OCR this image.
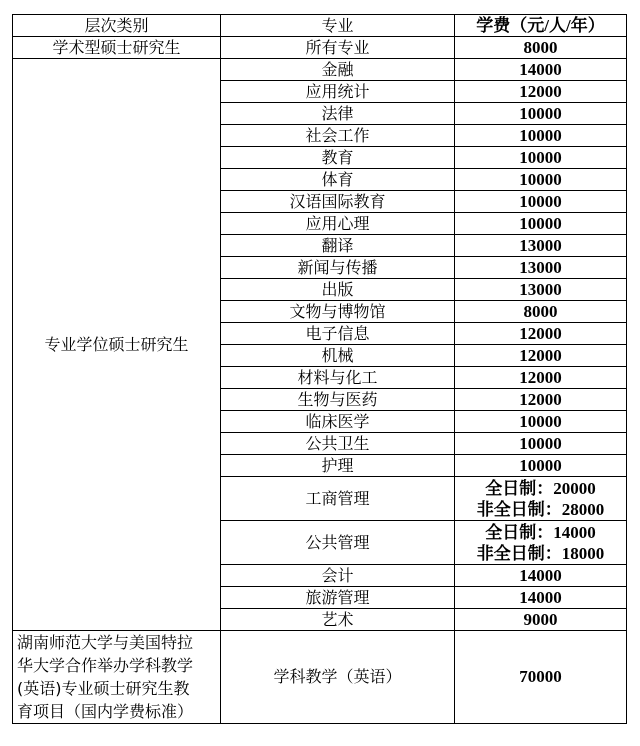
层次类别	专业	学费（元/人/年）
学术型硕士研究生	所有专业	8000
专业学位硕士研究生	金融	14000
	应用统计	12000
	法律	10000
	社会工作	10000
	教育	10000
	体育	10000
	汉语国际教育	10000
	应用心理	10000
	翻译	13000
	新闻与传播	13000
	出版	13000
	文物与博物馆	8000
	电子信息	12000
	机械	12000
	材料与化工	12000
	生物与医药	12000
	临床医学	10000
	公共卫生	10000
	护理	10000
	工商管理	全日制：20000
非全日制：28000

	公共管理	全日制：14000
非全日制：18000

	会计	14000
	旅游管理	14000
	艺术	9000

湖南师范大学与美国特拉
华大学合作举办学科教学
(英语)专业硕士研究生教
育项目（国内学费标准）	学科教学（英语）	70000
